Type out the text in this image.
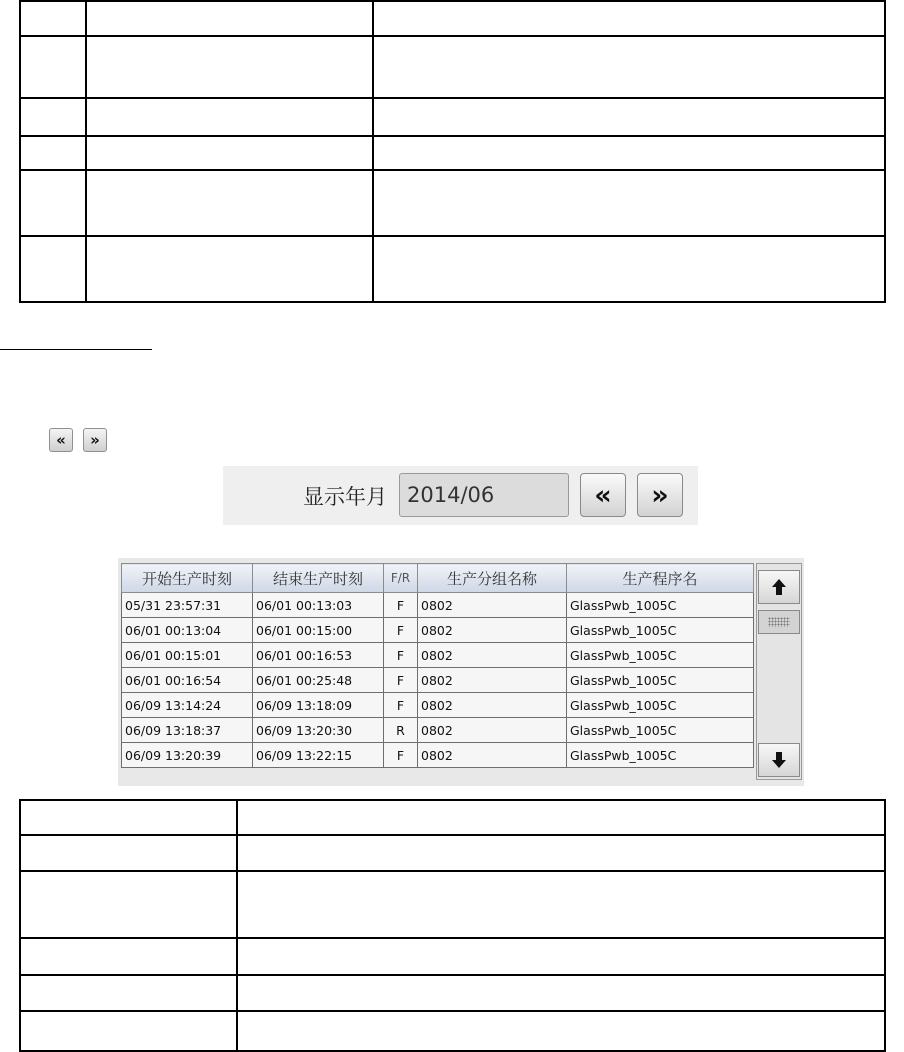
« »
显示年月 2014/06	« »
开始生产时刻	结束生产时刻	F/R	生产分组名称	生产程序名
05/31 23:57:31	06/01 00:13:03	F	0802	GlassPwb_1005C
06/01 00:13:04	06/01 00:15:00	F	0802	GlassPwb_1005C
06/01 00:15:01	06/01 00:16:53	F	0802	GlassPwb_1005C
06/01 00:16:54	06/01 00:25:48	F	0802	GlassPwb_1005C
06/09 13:14:24	06/09 13:18:09	F	0802	GlassPwb_1005C
06/09 13:18:37	06/09 13:20:30	R	0802	GlassPwb_1005C
06/09 13:20:39	06/09 13:22:15	F	0802	GlassPwb_1005C
